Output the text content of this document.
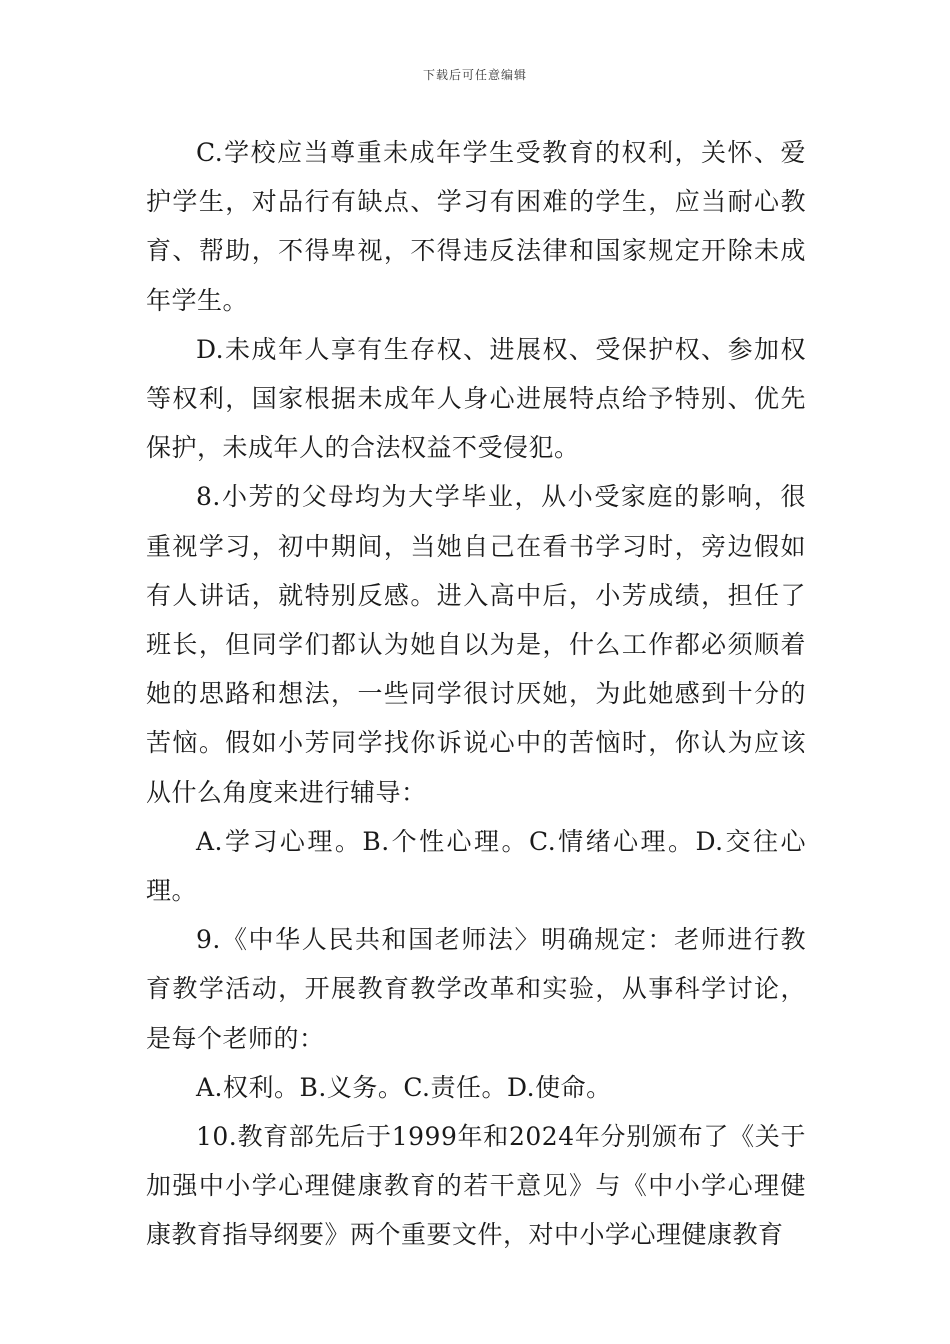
下载后可任意编辑

C.学校应当尊重未成年学生受教育的权利，关怀、爱护学生，对品行有缺点、学习有困难的学生，应当耐心教育、帮助，不得卑视，不得违反法律和国家规定开除未成年学生。

D.未成年人享有生存权、进展权、受保护权、参加权等权利，国家根据未成年人身心进展特点给予特别、优先保护，未成年人的合法权益不受侵犯。

8.小芳的父母均为大学毕业，从小受家庭的影响，很重视学习，初中期间，当她自己在看书学习时，旁边假如有人讲话，就特别反感。进入高中后，小芳成绩，担任了班长，但同学们都认为她自以为是，什么工作都必须顺着她的思路和想法，一些同学很讨厌她，为此她感到十分的苦恼。假如小芳同学找你诉说心中的苦恼时，你认为应该从什么角度来进行辅导：

A.学习心理。B.个性心理。C.情绪心理。D.交往心理。

9.《中华人民共和国老师法〉明确规定：老师进行教育教学活动，开展教育教学改革和实验，从事科学讨论，是每个老师的：

A.权利。B.义务。C.责任。D.使命。

10.教育部先后于1999年和2024年分别颁布了《关于加强中小学心理健康教育的若干意见》与《中小学心理健康教育指导纲要》两个重要文件，对中小学心理健康教育
